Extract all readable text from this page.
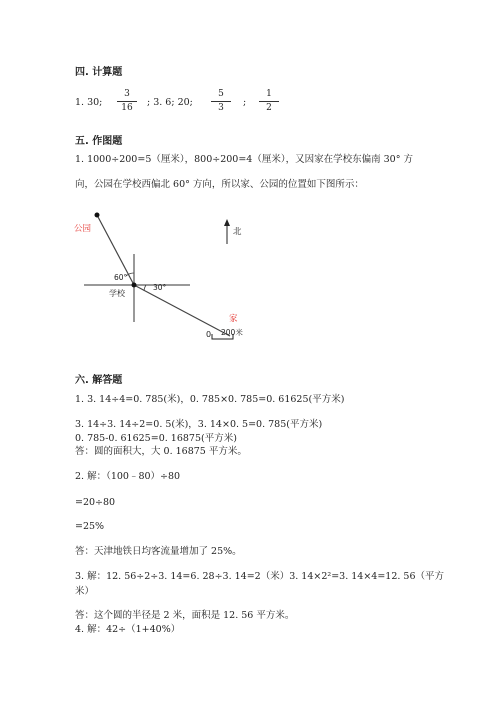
四. 计算题
1. 30;
3
16	; 3. 6; 20;
5
3	;
1
2
五. 作图题
1. 1000÷200=5（厘米），800÷200=4（厘米），又因家在学校东偏南 30° 方
向，公园在学校西偏北 60° 方向，所以家、公园的位置如下图所示：
公园
家
学校
60°
30°
北
0 200米
六. 解答题
1. 3. 14÷4=0. 785(米)，0. 785×0. 785=0. 61625(平方米)
3. 14÷3. 14÷2=0. 5(米)，3. 14×0. 5=0. 785(平方米)
0. 785-0. 61625=0. 16875(平方米)
答：圆的面积大，大 0. 16875 平方米。
2. 解：（100﹣80）÷80
=20÷80
=25%
答：天津地铁日均客流量增加了 25%。
3. 解：12. 56÷2÷3. 14=6. 28÷3. 14=2（米）3. 14×2²=3. 14×4=12. 56（平方
米）
答：这个圆的半径是 2 米，面积是 12. 56 平方米。
4. 解：42÷（1+40%）
